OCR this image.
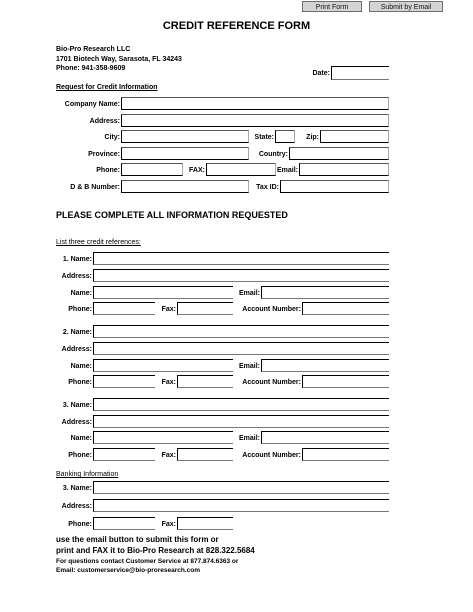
Print Form	Submit by Email
CREDIT REFERENCE FORM
Bio-Pro Research LLC
1701 Biotech Way, Sarasota, FL 34243
Phone: 941-358-9609
Date:
Request for Credit Information
Company Name:
Address:
City:	State:	Zip:
Province:	Country:
Phone:	FAX:	Email:
D & B Number:	Tax ID:
PLEASE COMPLETE ALL INFORMATION REQUESTED
List three credit references:
1. Name:
Address:
Name:	Email:
Phone:	Fax:	Account Number:
2. Name:
Address:
Name:	Email:
Phone:	Fax:	Account Number:
3. Name:
Address:
Name:	Email:
Phone:	Fax:	Account Number:
Banking Information
3. Name:
Address:
Phone:	Fax:
use the email button to submit this form or
print and FAX it to Bio-Pro Research at 828.322.5684
For questions contact Customer Service at 877.874.6363 or
Email: customerservice@bio-proresearch.com
